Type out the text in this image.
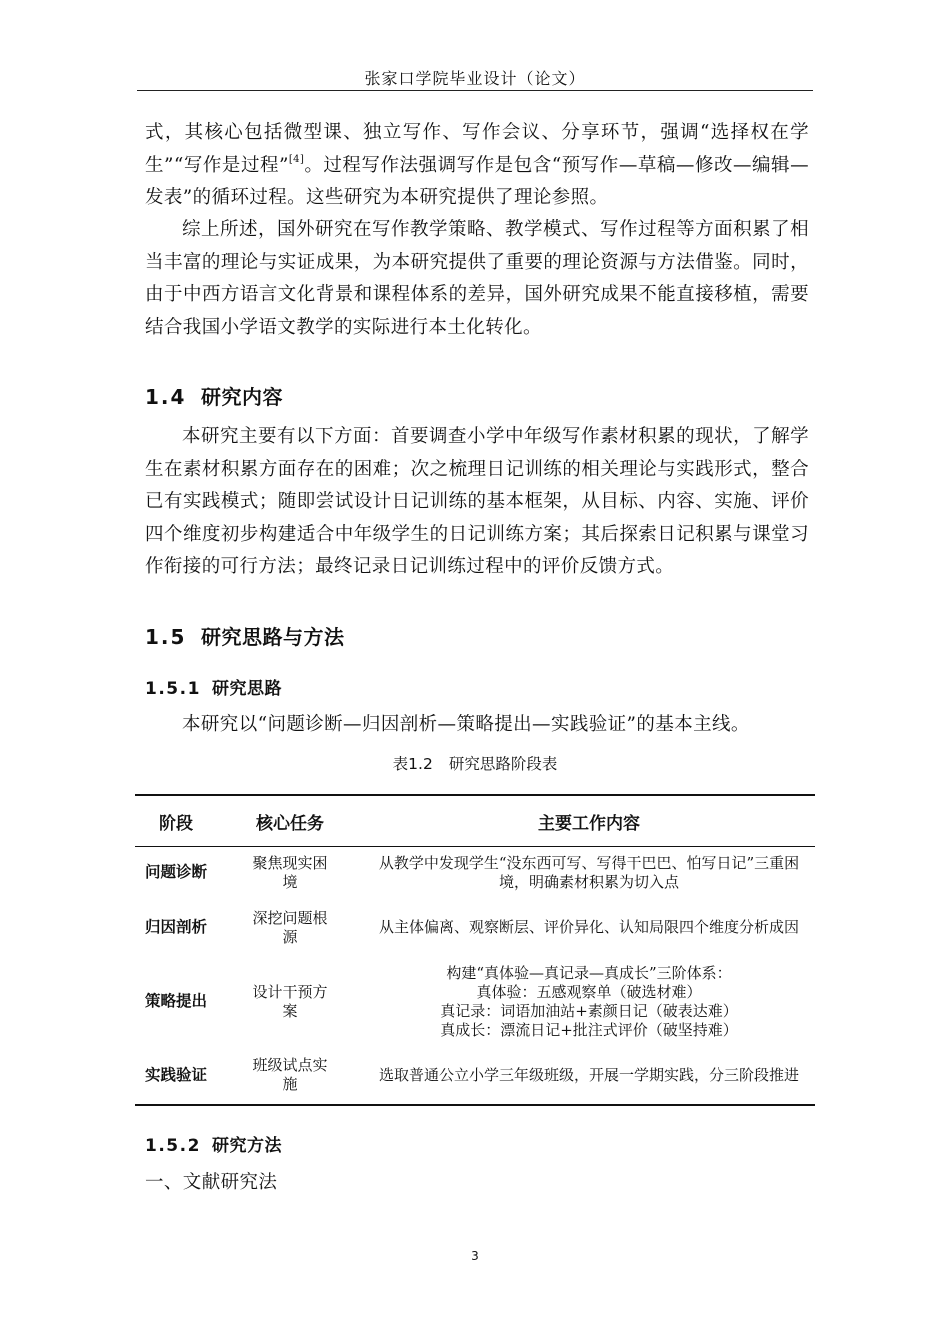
张家口学院毕业设计（论文）

式，其核心包括微型课、独立写作、写作会议、分享环节，强调“选择权在学生”“写作是过程”[4]。过程写作法强调写作是包含“预写作—草稿—修改—编辑—发表”的循环过程。这些研究为本研究提供了理论参照。

综上所述，国外研究在写作教学策略、教学模式、写作过程等方面积累了相当丰富的理论与实证成果，为本研究提供了重要的理论资源与方法借鉴。同时，由于中西方语言文化背景和课程体系的差异，国外研究成果不能直接移植，需要结合我国小学语文教学的实际进行本土化转化。

1.4 研究内容

本研究主要有以下方面：首要调查小学中年级写作素材积累的现状，了解学生在素材积累方面存在的困难；次之梳理日记训练的相关理论与实践形式，整合已有实践模式；随即尝试设计日记训练的基本框架，从目标、内容、实施、评价四个维度初步构建适合中年级学生的日记训练方案；其后探索日记积累与课堂习作衔接的可行方法；最终记录日记训练过程中的评价反馈方式。

1.5 研究思路与方法
1.5.1 研究思路

本研究以“问题诊断—归因剖析—策略提出—实践验证”的基本主线。

表1.2 研究思路阶段表
阶段	核心任务	主要工作内容
问题诊断	聚焦现实困境	从教学中发现学生“没东西可写、写得干巴巴、怕写日记”三重困境，明确素材积累为切入点
归因剖析	深挖问题根源	从主体偏离、观察断层、评价异化、认知局限四个维度分析成因
策略提出	设计干预方案	构建“真体验—真记录—真成长”三阶体系：
真体验：五感观察单（破选材难）
真记录：词语加油站+素颜日记（破表达难）
真成长：漂流日记+批注式评价（破坚持难）

实践验证	班级试点实施	选取普通公立小学三年级班级，开展一学期实践，分三阶段推进
1.5.2 研究方法

一、文献研究法

3
